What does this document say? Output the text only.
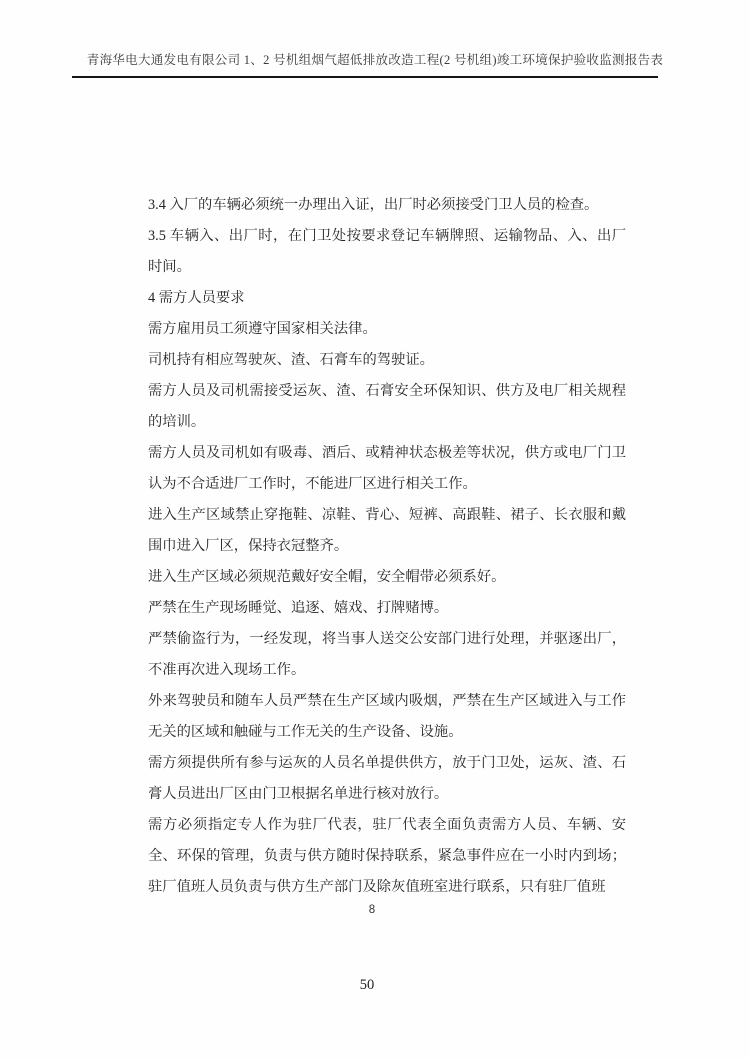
青海华电大通发电有限公司 1、2 号机组烟气超低排放改造工程(2 号机组)竣工环境保护验收监测报告表

3.4 入厂的车辆必须统一办理出入证，出厂时必须接受门卫人员的检查。

3.5 车辆入、出厂时，在门卫处按要求登记车辆牌照、运输物品、入、出厂时间。

4 需方人员要求

需方雇用员工须遵守国家相关法律。

司机持有相应驾驶灰、渣、石膏车的驾驶证。

需方人员及司机需接受运灰、渣、石膏安全环保知识、供方及电厂相关规程的培训。

需方人员及司机如有吸毒、酒后、或精神状态极差等状况，供方或电厂门卫认为不合适进厂工作时，不能进厂区进行相关工作。

进入生产区域禁止穿拖鞋、凉鞋、背心、短裤、高跟鞋、裙子、长衣服和戴围巾进入厂区，保持衣冠整齐。

进入生产区域必须规范戴好安全帽，安全帽带必须系好。

严禁在生产现场睡觉、追逐、嬉戏、打牌赌博。

严禁偷盗行为，一经发现，将当事人送交公安部门进行处理，并驱逐出厂，不准再次进入现场工作。

外来驾驶员和随车人员严禁在生产区域内吸烟，严禁在生产区域进入与工作无关的区域和触碰与工作无关的生产设备、设施。

需方须提供所有参与运灰的人员名单提供供方，放于门卫处，运灰、渣、石膏人员进出厂区由门卫根据名单进行核对放行。

需方必须指定专人作为驻厂代表，驻厂代表全面负责需方人员、车辆、安全、环保的管理，负责与供方随时保持联系，紧急事件应在一小时内到场；驻厂值班人员负责与供方生产部门及除灰值班室进行联系，只有驻厂值班

8
50
